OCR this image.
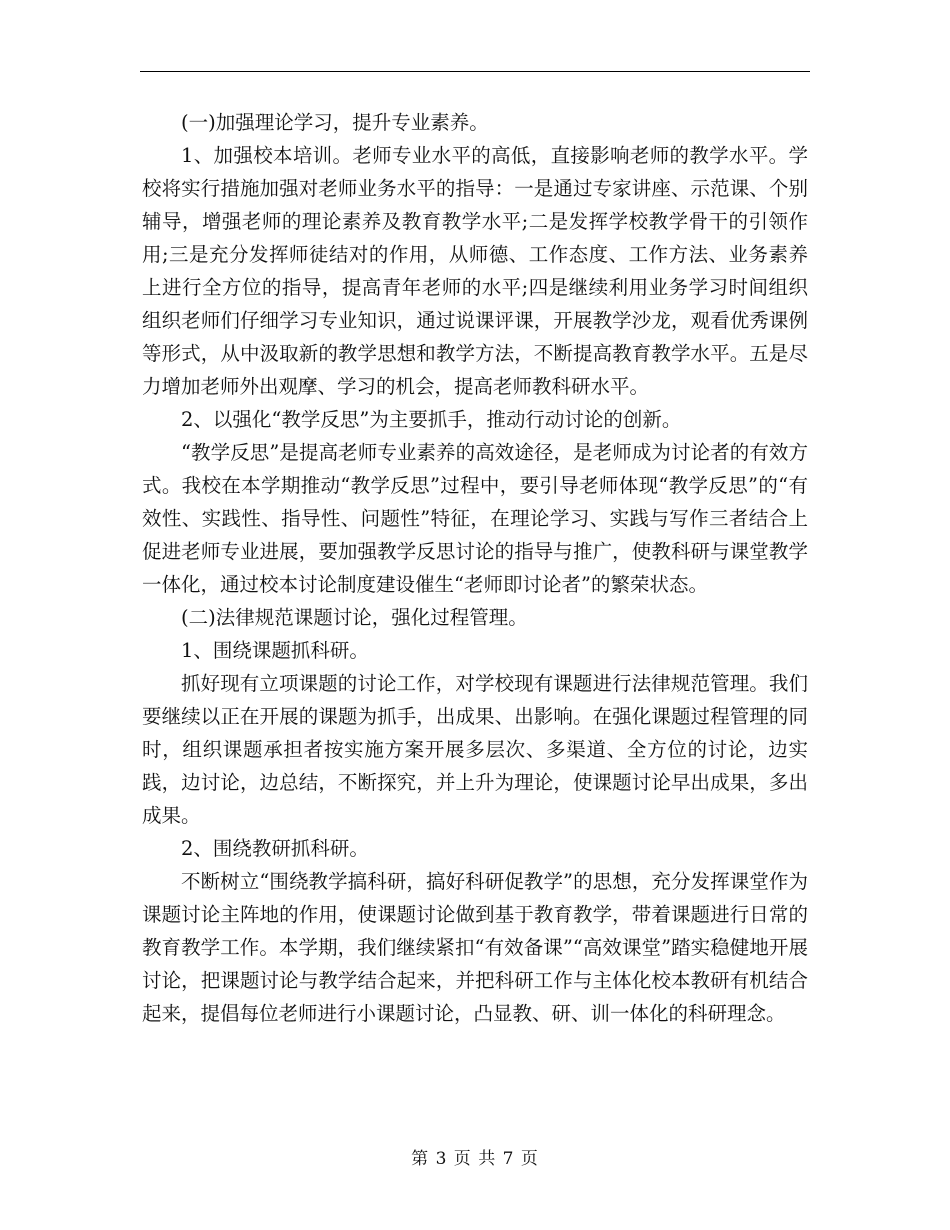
(一)加强理论学习，提升专业素养。

1、加强校本培训。老师专业水平的高低，直接影响老师的教学水平。学校将实行措施加强对老师业务水平的指导：一是通过专家讲座、示范课、个别辅导，增强老师的理论素养及教育教学水平;二是发挥学校教学骨干的引领作用;三是充分发挥师徒结对的作用，从师德、工作态度、工作方法、业务素养上进行全方位的指导，提高青年老师的水平;四是继续利用业务学习时间组织组织老师们仔细学习专业知识，通过说课评课，开展教学沙龙，观看优秀课例等形式，从中汲取新的教学思想和教学方法，不断提高教育教学水平。五是尽力增加老师外出观摩、学习的机会，提高老师教科研水平。

2、以强化“教学反思”为主要抓手，推动行动讨论的创新。

“教学反思”是提高老师专业素养的高效途径，是老师成为讨论者的有效方式。我校在本学期推动“教学反思”过程中，要引导老师体现“教学反思”的“有效性、实践性、指导性、问题性”特征，在理论学习、实践与写作三者结合上促进老师专业进展，要加强教学反思讨论的指导与推广，使教科研与课堂教学一体化，通过校本讨论制度建设催生“老师即讨论者”的繁荣状态。

(二)法律规范课题讨论，强化过程管理。

1、围绕课题抓科研。

抓好现有立项课题的讨论工作，对学校现有课题进行法律规范管理。我们要继续以正在开展的课题为抓手，出成果、出影响。在强化课题过程管理的同时，组织课题承担者按实施方案开展多层次、多渠道、全方位的讨论，边实践，边讨论，边总结，不断探究，并上升为理论，使课题讨论早出成果，多出成果。

2、围绕教研抓科研。

不断树立“围绕教学搞科研，搞好科研促教学”的思想，充分发挥课堂作为课题讨论主阵地的作用，使课题讨论做到基于教育教学，带着课题进行日常的教育教学工作。本学期，我们继续紧扣“有效备课”“高效课堂”踏实稳健地开展讨论，把课题讨论与教学结合起来，并把科研工作与主体化校本教研有机结合起来，提倡每位老师进行小课题讨论，凸显教、研、训一体化的科研理念。

第 3 页 共 7 页
